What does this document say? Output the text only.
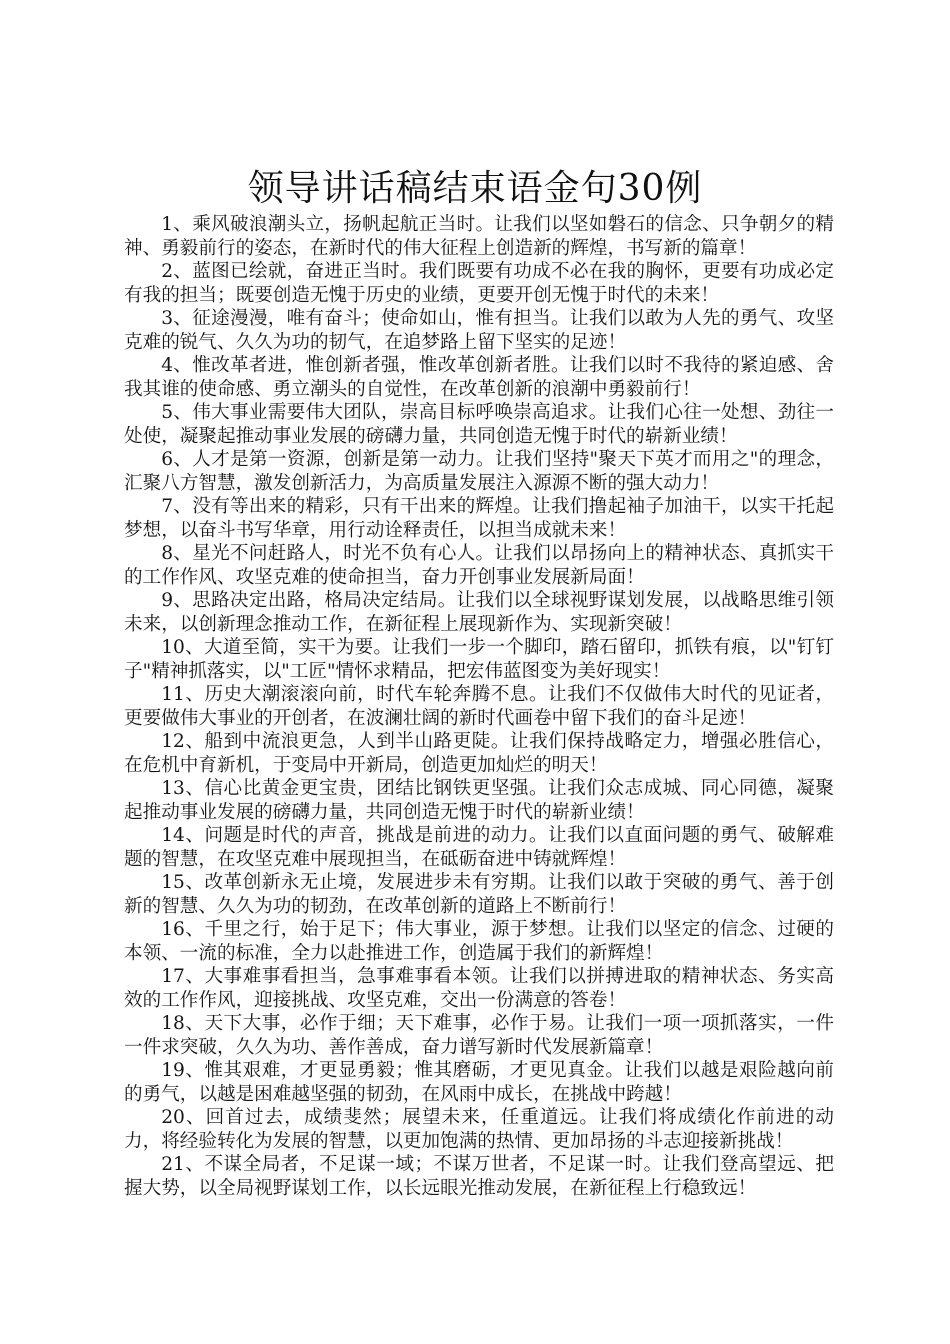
领导讲话稿结束语金句30例

1、乘风破浪潮头立，扬帆起航正当时。让我们以坚如磐石的信念、只争朝夕的精神、勇毅前行的姿态，在新时代的伟大征程上创造新的辉煌，书写新的篇章！

2、蓝图已绘就，奋进正当时。我们既要有功成不必在我的胸怀，更要有功成必定有我的担当；既要创造无愧于历史的业绩，更要开创无愧于时代的未来！

3、征途漫漫，唯有奋斗；使命如山，惟有担当。让我们以敢为人先的勇气、攻坚克难的锐气、久久为功的韧气，在追梦路上留下坚实的足迹！

4、惟改革者进，惟创新者强，惟改革创新者胜。让我们以时不我待的紧迫感、舍我其谁的使命感、勇立潮头的自觉性，在改革创新的浪潮中勇毅前行！

5、伟大事业需要伟大团队，崇高目标呼唤崇高追求。让我们心往一处想、劲往一处使，凝聚起推动事业发展的磅礴力量，共同创造无愧于时代的崭新业绩！

6、人才是第一资源，创新是第一动力。让我们坚持"聚天下英才而用之"的理念，汇聚八方智慧，激发创新活力，为高质量发展注入源源不断的强大动力！

7、没有等出来的精彩，只有干出来的辉煌。让我们撸起袖子加油干，以实干托起梦想，以奋斗书写华章，用行动诠释责任，以担当成就未来！

8、星光不问赶路人，时光不负有心人。让我们以昂扬向上的精神状态、真抓实干的工作作风、攻坚克难的使命担当，奋力开创事业发展新局面！

9、思路决定出路，格局决定结局。让我们以全球视野谋划发展，以战略思维引领未来，以创新理念推动工作，在新征程上展现新作为、实现新突破！

10、大道至简，实干为要。让我们一步一个脚印，踏石留印，抓铁有痕，以"钉钉子"精神抓落实，以"工匠"情怀求精品，把宏伟蓝图变为美好现实！

11、历史大潮滚滚向前，时代车轮奔腾不息。让我们不仅做伟大时代的见证者，更要做伟大事业的开创者，在波澜壮阔的新时代画卷中留下我们的奋斗足迹！

12、船到中流浪更急，人到半山路更陡。让我们保持战略定力，增强必胜信心，在危机中育新机，于变局中开新局，创造更加灿烂的明天！

13、信心比黄金更宝贵，团结比钢铁更坚强。让我们众志成城、同心同德，凝聚起推动事业发展的磅礴力量，共同创造无愧于时代的崭新业绩！

14、问题是时代的声音，挑战是前进的动力。让我们以直面问题的勇气、破解难题的智慧，在攻坚克难中展现担当，在砥砺奋进中铸就辉煌！

15、改革创新永无止境，发展进步未有穷期。让我们以敢于突破的勇气、善于创新的智慧、久久为功的韧劲，在改革创新的道路上不断前行！

16、千里之行，始于足下；伟大事业，源于梦想。让我们以坚定的信念、过硬的本领、一流的标准，全力以赴推进工作，创造属于我们的新辉煌！

17、大事难事看担当，急事难事看本领。让我们以拼搏进取的精神状态、务实高效的工作作风，迎接挑战、攻坚克难，交出一份满意的答卷！

18、天下大事，必作于细；天下难事，必作于易。让我们一项一项抓落实，一件一件求突破，久久为功、善作善成，奋力谱写新时代发展新篇章！

19、惟其艰难，才更显勇毅；惟其磨砺，才更见真金。让我们以越是艰险越向前的勇气，以越是困难越坚强的韧劲，在风雨中成长，在挑战中跨越！

20、回首过去，成绩斐然；展望未来，任重道远。让我们将成绩化作前进的动力，将经验转化为发展的智慧，以更加饱满的热情、更加昂扬的斗志迎接新挑战！

21、不谋全局者，不足谋一域；不谋万世者，不足谋一时。让我们登高望远、把握大势，以全局视野谋划工作，以长远眼光推动发展，在新征程上行稳致远！
